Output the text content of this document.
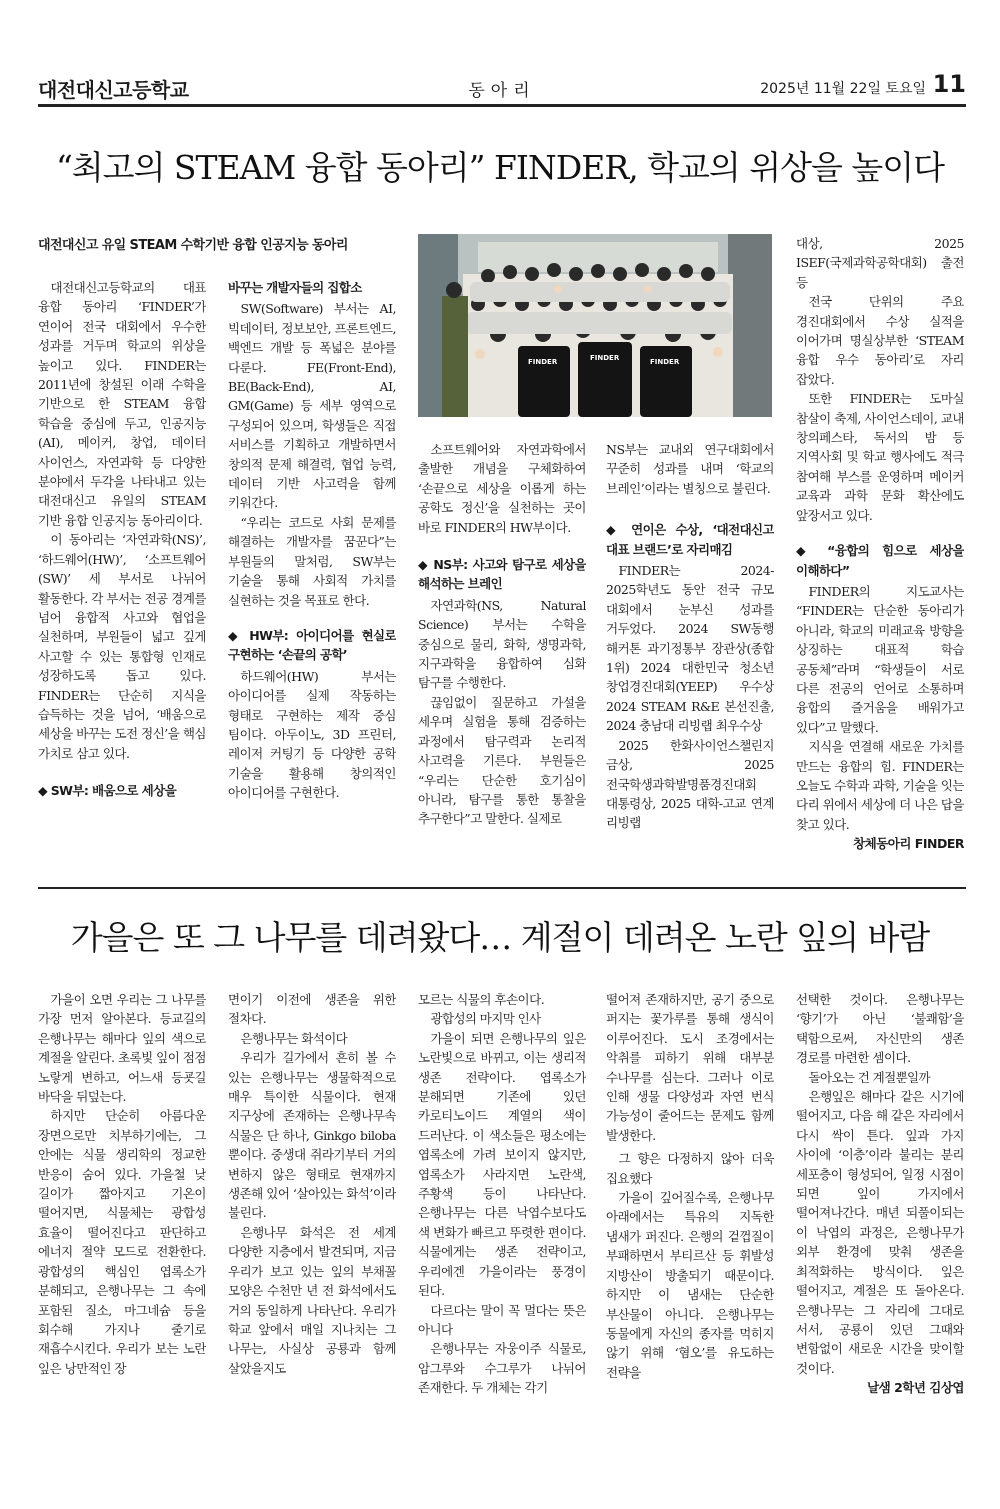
대전대신고등학교	동아리	2025년 11월 22일 토요일 11
“최고의 STEAM 융합 동아리” FINDER, 학교의 위상을 높이다
대전대신고 유일 STEAM 수학기반 융합 인공지능 동아리
FINDER	FINDER	FINDER

대전대신고등학교의 대표 융합 동아리 ‘FINDER’가 연이어 전국 대회에서 우수한 성과를 거두며 학교의 위상을 높이고 있다. FINDER는 2011년에 창설된 이래 수학을 기반으로 한 STEAM 융합 학습을 중심에 두고, 인공지능(AI), 메이커, 창업, 데이터 사이언스, 자연과학 등 다양한 분야에서 두각을 나타내고 있는 대전대신고 유일의 STEAM 기반 융합 인공지능 동아리이다.

이 동아리는 ‘자연과학(NS)’, ‘하드웨어(HW)’, ‘소프트웨어(SW)’ 세 부서로 나뉘어 활동한다. 각 부서는 전공 경계를 넘어 융합적 사고와 협업을 실천하며, 부원들이 넓고 깊게 사고할 수 있는 통합형 인재로 성장하도록 돕고 있다. FINDER는 단순히 지식을 습득하는 것을 넘어, ‘배움으로 세상을 바꾸는 도전 정신’을 핵심 가치로 삼고 있다.

◆ SW부: 배움으로 세상을
바꾸는 개발자들의 집합소

SW(Software) 부서는 AI, 빅데이터, 정보보안, 프론트엔드, 백엔드 개발 등 폭넓은 분야를 다룬다. FE(Front-End), BE(Back-End), AI, GM(Game) 등 세부 영역으로 구성되어 있으며, 학생들은 직접 서비스를 기획하고 개발하면서 창의적 문제 해결력, 협업 능력, 데이터 기반 사고력을 함께 키워간다.

“우리는 코드로 사회 문제를 해결하는 개발자를 꿈꾼다”는 부원들의 말처럼, SW부는 기술을 통해 사회적 가치를 실현하는 것을 목표로 한다.

◆ HW부: 아이디어를 현실로 구현하는 ‘손끝의 공학’

하드웨어(HW) 부서는 아이디어를 실제 작동하는 형태로 구현하는 제작 중심 팀이다. 아두이노, 3D 프린터, 레이저 커팅기 등 다양한 공학 기술을 활용해 창의적인 아이디어를 구현한다.

소프트웨어와 자연과학에서 출발한 개념을 구체화하여 ‘손끝으로 세상을 이롭게 하는 공학도 정신’을 실천하는 곳이 바로 FINDER의 HW부이다.

◆ NS부: 사고와 탐구로 세상을 해석하는 브레인

자연과학(NS, Natural Science) 부서는 수학을 중심으로 물리, 화학, 생명과학, 지구과학을 융합하여 심화 탐구를 수행한다.

끊임없이 질문하고 가설을 세우며 실험을 통해 검증하는 과정에서 탐구력과 논리적 사고력을 기른다. 부원들은 “우리는 단순한 호기심이 아니라, 탐구를 통한 통찰을 추구한다”고 말한다. 실제로

NS부는 교내외 연구대회에서 꾸준히 성과를 내며 ‘학교의 브레인’이라는 별칭으로 불린다.

◆ 연이은 수상, ‘대전대신고 대표 브랜드’로 자리매김

FINDER는 2024-2025학년도 동안 전국 규모 대회에서 눈부신 성과를 거두었다. 2024 SW동행 해커톤 과기정통부 장관상(종합 1위) 2024 대한민국 청소년 창업경진대회(YEEP) 우수상 2024 STEAM R&E 본선진출, 2024 충남대 리빙랩 최우수상

2025 한화사이언스챌린지 금상, 2025 전국학생과학발명품경진대회 대통령상, 2025 대학-고교 연계 리빙랩

대상, 2025 ISEF(국제과학공학대회) 출전 등

전국 단위의 주요 경진대회에서 수상 실적을 이어가며 명실상부한 ‘STEAM 융합 우수 동아리’로 자리 잡았다.

또한 FINDER는 도마실 참살이 축제, 사이언스데이, 교내 창의페스타, 독서의 밤 등 지역사회 및 학교 행사에도 적극 참여해 부스를 운영하며 메이커 교육과 과학 문화 확산에도 앞장서고 있다.

◆ “융합의 힘으로 세상을 이해하다”

FINDER의 지도교사는 “FINDER는 단순한 동아리가 아니라, 학교의 미래교육 방향을 상징하는 대표적 학습 공동체”라며 “학생들이 서로 다른 전공의 언어로 소통하며 융합의 즐거움을 배워가고 있다”고 말했다.

지식을 연결해 새로운 가치를 만드는 융합의 힘. FINDER는 오늘도 수학과 과학, 기술을 잇는 다리 위에서 세상에 더 나은 답을 찾고 있다.

창체동아리 FINDER
가을은 또 그 나무를 데려왔다… 계절이 데려온 노란 잎의 바람

가을이 오면 우리는 그 나무를 가장 먼저 알아본다. 등교길의 은행나무는 해마다 잎의 색으로 계절을 알린다. 초록빛 잎이 점점 노랗게 변하고, 어느새 등굣길 바닥을 뒤덮는다.

하지만 단순히 아름다운 장면으로만 치부하기에는, 그 안에는 식물 생리학의 정교한 반응이 숨어 있다. 가을철 낮 길이가 짧아지고 기온이 떨어지면, 식물체는 광합성 효율이 떨어진다고 판단하고 에너지 절약 모드로 전환한다. 광합성의 핵심인 엽록소가 분해되고, 은행나무는 그 속에 포함된 질소, 마그네슘 등을 회수해 가지나 줄기로 재흡수시킨다. 우리가 보는 노란 잎은 낭만적인 장

면이기 이전에 생존을 위한 절차다.

은행나무는 화석이다

우리가 길가에서 흔히 볼 수 있는 은행나무는 생물학적으로 매우 특이한 식물이다. 현재 지구상에 존재하는 은행나무속 식물은 단 하나, Ginkgo biloba 뿐이다. 중생대 쥐라기부터 거의 변하지 않은 형태로 현재까지 생존해 있어 ‘살아있는 화석’이라 불린다.

은행나무 화석은 전 세계 다양한 지층에서 발견되며, 지금 우리가 보고 있는 잎의 부채꼴 모양은 수천만 년 전 화석에서도 거의 동일하게 나타난다. 우리가 학교 앞에서 매일 지나치는 그 나무는, 사실상 공룡과 함께 살았을지도

모르는 식물의 후손이다.

광합성의 마지막 인사

가을이 되면 은행나무의 잎은 노란빛으로 바뀌고, 이는 생리적 생존 전략이다. 엽록소가 분해되면 기존에 있던 카로티노이드 계열의 색이 드러난다. 이 색소들은 평소에는 엽록소에 가려 보이지 않지만, 엽록소가 사라지면 노란색, 주황색 등이 나타난다. 은행나무는 다른 낙엽수보다도 색 변화가 빠르고 뚜렷한 편이다. 식물에게는 생존 전략이고, 우리에겐 가을이라는 풍경이 된다.

다르다는 말이 꼭 멀다는 뜻은 아니다

은행나무는 자웅이주 식물로, 암그루와 수그루가 나뉘어 존재한다. 두 개체는 각기

떨어져 존재하지만, 공기 중으로 퍼지는 꽃가루를 통해 생식이 이루어진다. 도시 조경에서는 악취를 피하기 위해 대부분 수나무를 심는다. 그러나 이로 인해 생물 다양성과 자연 번식 가능성이 줄어드는 문제도 함께 발생한다.

그 향은 다정하지 않아 더욱 집요했다

가을이 깊어질수록, 은행나무 아래에서는 특유의 지독한 냄새가 퍼진다. 은행의 겉껍질이 부패하면서 부티르산 등 휘발성 지방산이 방출되기 때문이다. 하지만 이 냄새는 단순한 부산물이 아니다. 은행나무는 동물에게 자신의 종자를 먹히지 않기 위해 ‘혐오’를 유도하는 전략을

선택한 것이다. 은행나무는 ‘향기’가 아닌 ‘불쾌함’을 택함으로써, 자신만의 생존 경로를 마련한 셈이다.

돌아오는 건 계절뿐일까

은행잎은 해마다 같은 시기에 떨어지고, 다음 해 같은 자리에서 다시 싹이 튼다. 잎과 가지 사이에 ‘이층’이라 불리는 분리 세포층이 형성되어, 일정 시점이 되면 잎이 가지에서 떨어져나간다. 매년 되풀이되는 이 낙엽의 과정은, 은행나무가 외부 환경에 맞춰 생존을 최적화하는 방식이다. 잎은 떨어지고, 계절은 또 돌아온다. 은행나무는 그 자리에 그대로 서서, 공룡이 있던 그때와 변함없이 새로운 시간을 맞이할 것이다.

날샘 2학년 김상엽
